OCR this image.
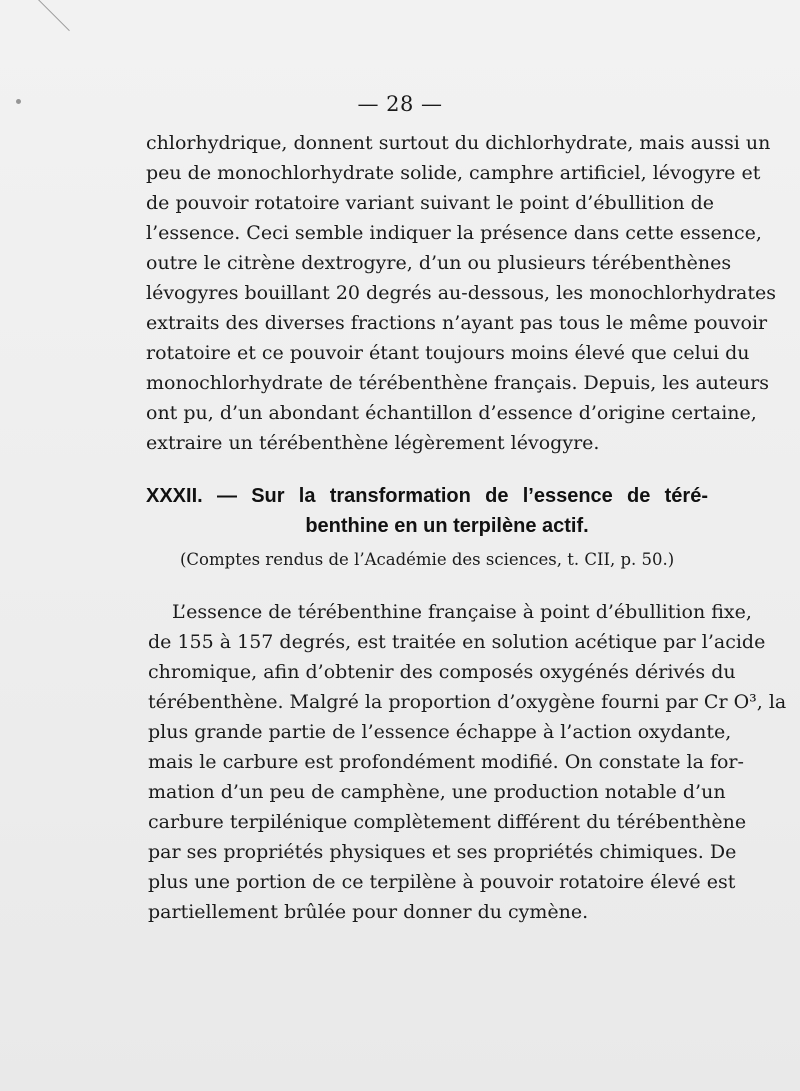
— 28 —
chlorhydrique, donnent surtout du dichlorhydrate, mais aussi un
peu de monochlorhydrate solide, camphre artificiel, lévogyre et
de pouvoir rotatoire variant suivant le point d’ébullition de
l’essence. Ceci semble indiquer la présence dans cette essence,
outre le citrène dextrogyre, d’un ou plusieurs térébenthènes
lévogyres bouillant 20 degrés au-dessous, les monochlorhydrates
extraits des diverses fractions n’ayant pas tous le même pouvoir
rotatoire et ce pouvoir étant toujours moins élevé que celui du
monochlorhydrate de térébenthène français. Depuis, les auteurs
ont pu, d’un abondant échantillon d’essence d’origine certaine,
extraire un térébenthène légèrement lévogyre.
XXXII. — Sur la transformation de l’essence de téré-
benthine en un terpilène actif.
(Comptes rendus de l’Académie des sciences, t. CII, p. 50.)
L’essence de térébenthine française à point d’ébullition fixe,
de 155 à 157 degrés, est traitée en solution acétique par l’acide
chromique, afin d’obtenir des composés oxygénés dérivés du
térébenthène. Malgré la proportion d’oxygène fourni par Cr O³, la
plus grande partie de l’essence échappe à l’action oxydante,
mais le carbure est profondément modifié. On constate la for-
mation d’un peu de camphène, une production notable d’un
carbure terpilénique complètement différent du térébenthène
par ses propriétés physiques et ses propriétés chimiques. De
plus une portion de ce terpilène à pouvoir rotatoire élevé est
partiellement brûlée pour donner du cymène.
